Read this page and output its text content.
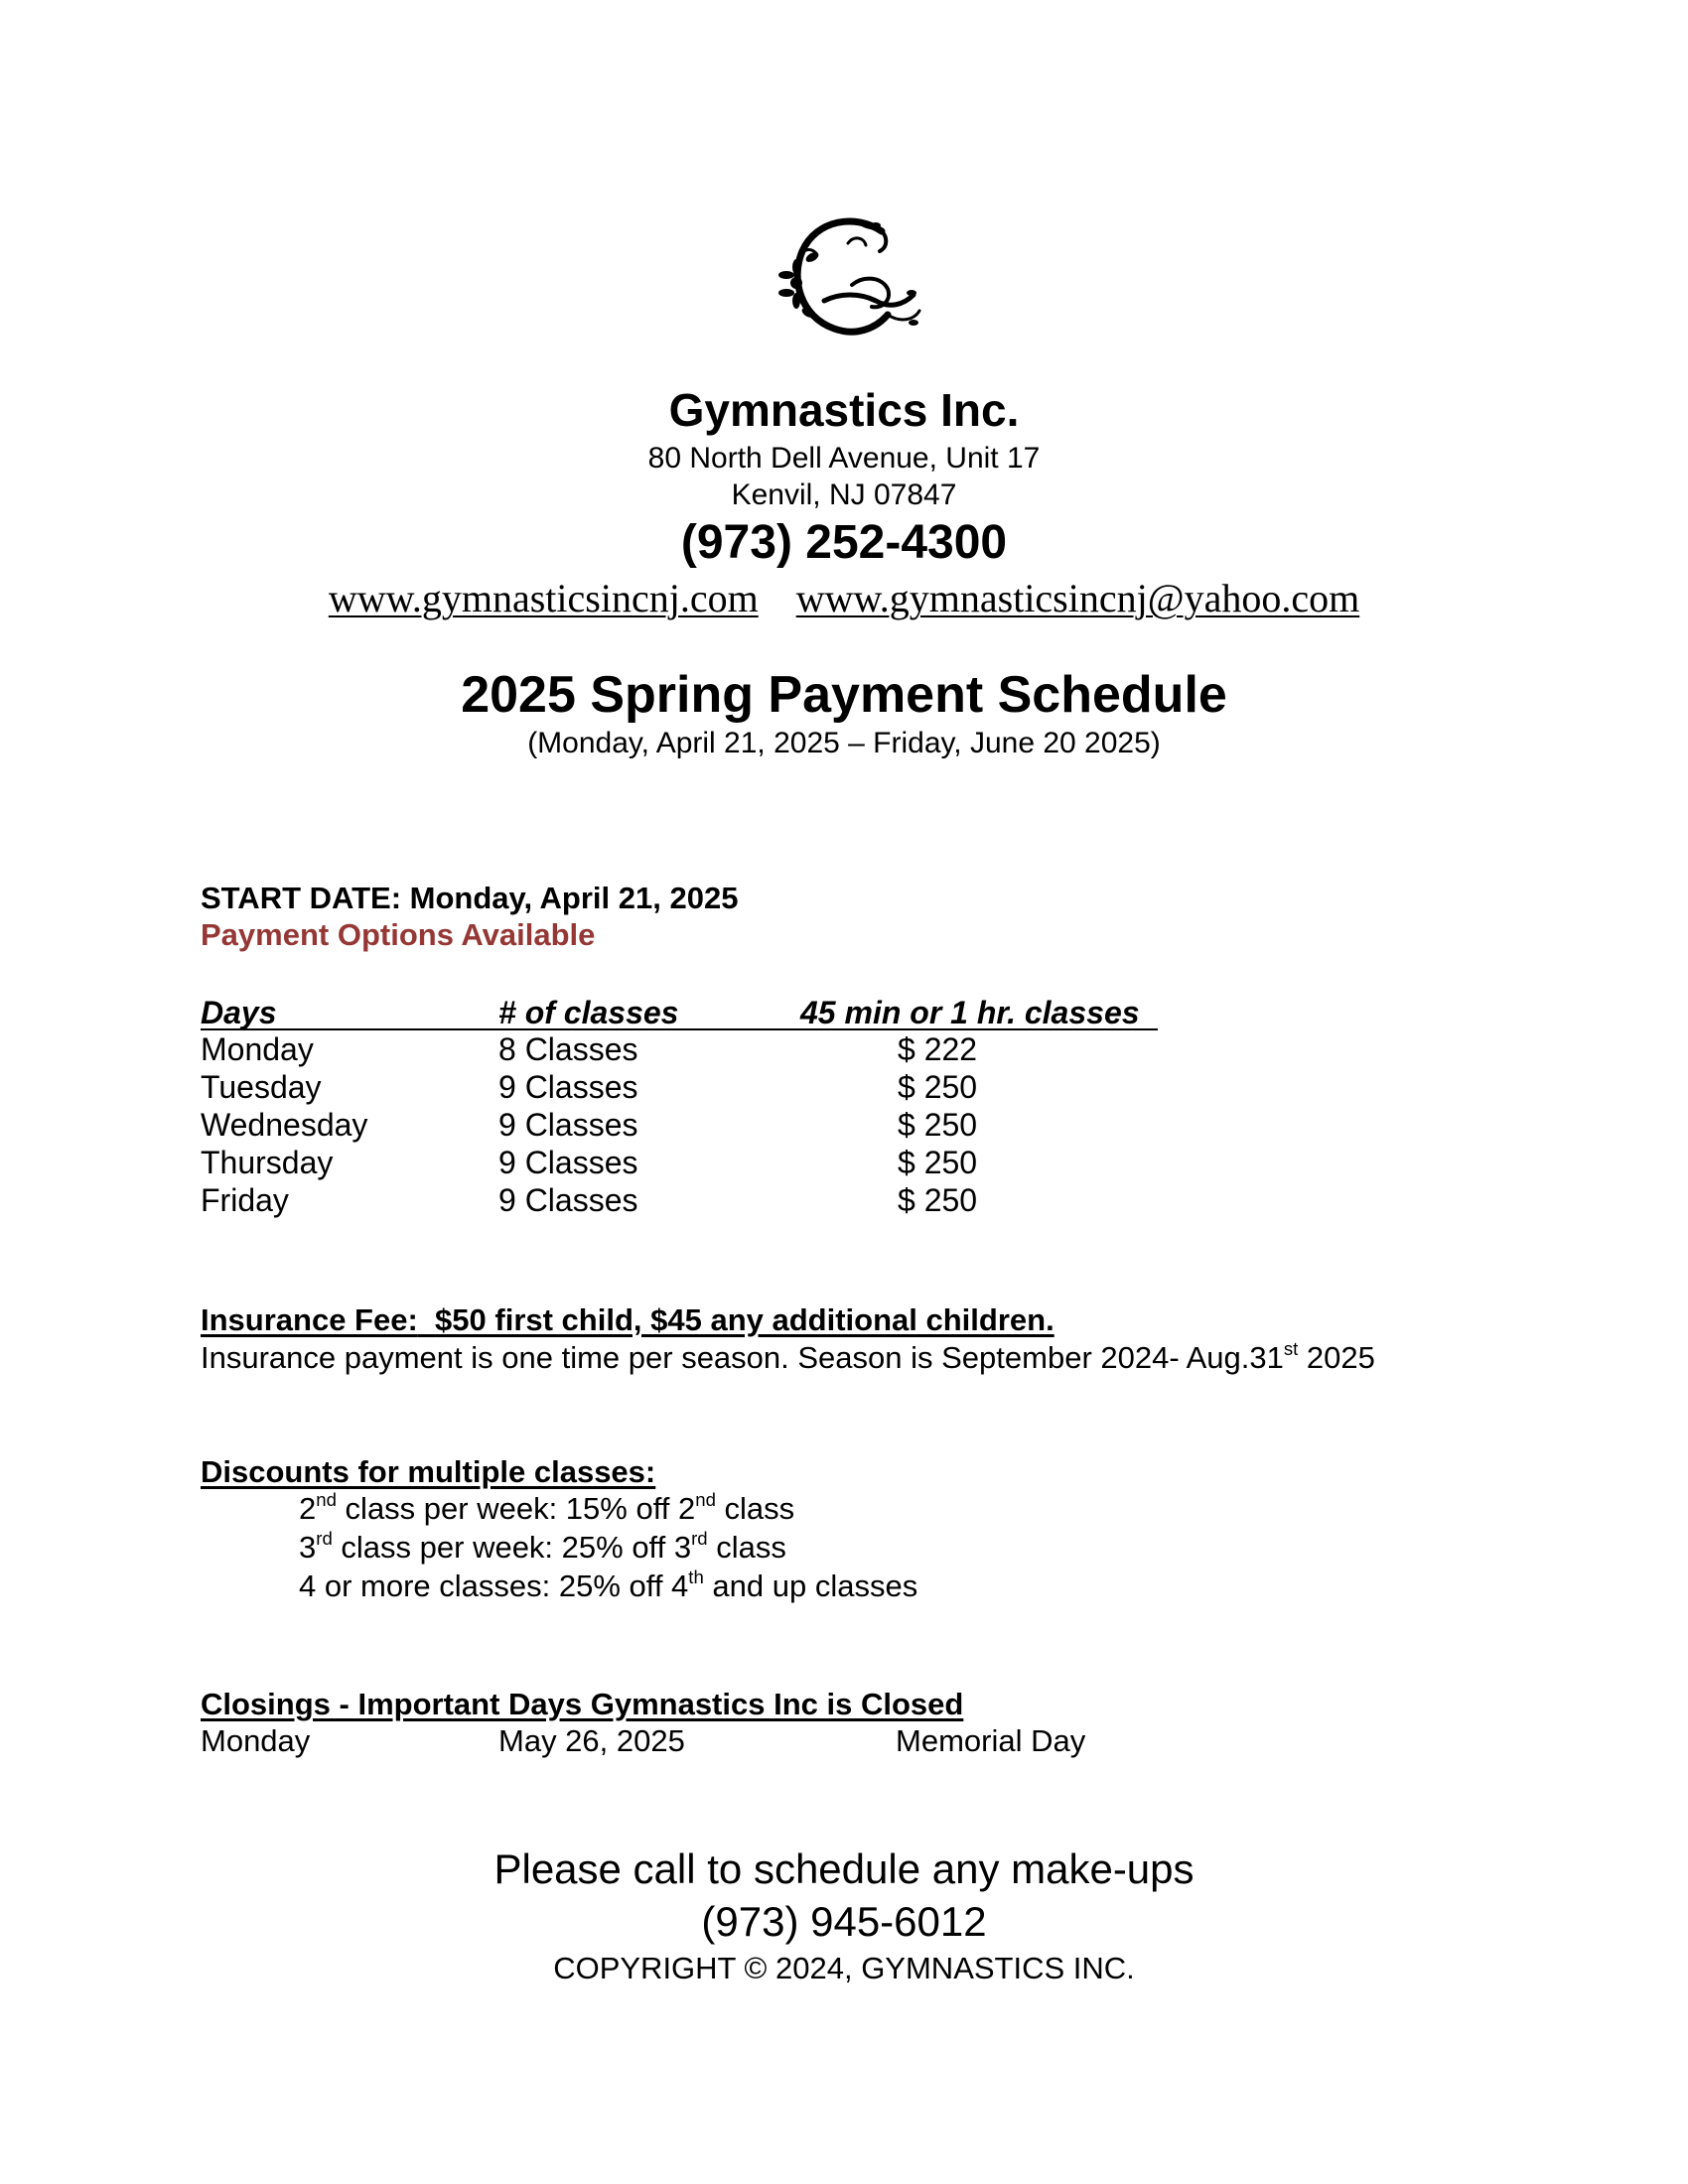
Gymnastics Inc.

80 North Dell Avenue, Unit 17

Kenvil, NJ 07847

(973) 252-4300

www.gymnasticsincnj.com www.gymnasticsincnj@yahoo.com

2025 Spring Payment Schedule

(Monday, April 21, 2025 – Friday, June 20 2025)

START DATE: Monday, April 21, 2025

Payment Options Available

Days	# of classes	45 min or 1 hr. classes
Monday	8 Classes	$ 222
Tuesday	9 Classes	$ 250
Wednesday	9 Classes	$ 250
Thursday	9 Classes	$ 250
Friday	9 Classes	$ 250

Insurance Fee: $50 first child, $45 any additional children.

Insurance payment is one time per season. Season is September 2024- Aug.31st 2025

Discounts for multiple classes:

2nd class per week: 15% off 2nd class
3rd class per week: 25% off 3rd class
4 or more classes: 25% off 4th and up classes

Closings - Important Days Gymnastics Inc is Closed

Monday	May 26, 2025	Memorial Day

Please call to schedule any make-ups

(973) 945-6012

COPYRIGHT © 2024, GYMNASTICS INC.
